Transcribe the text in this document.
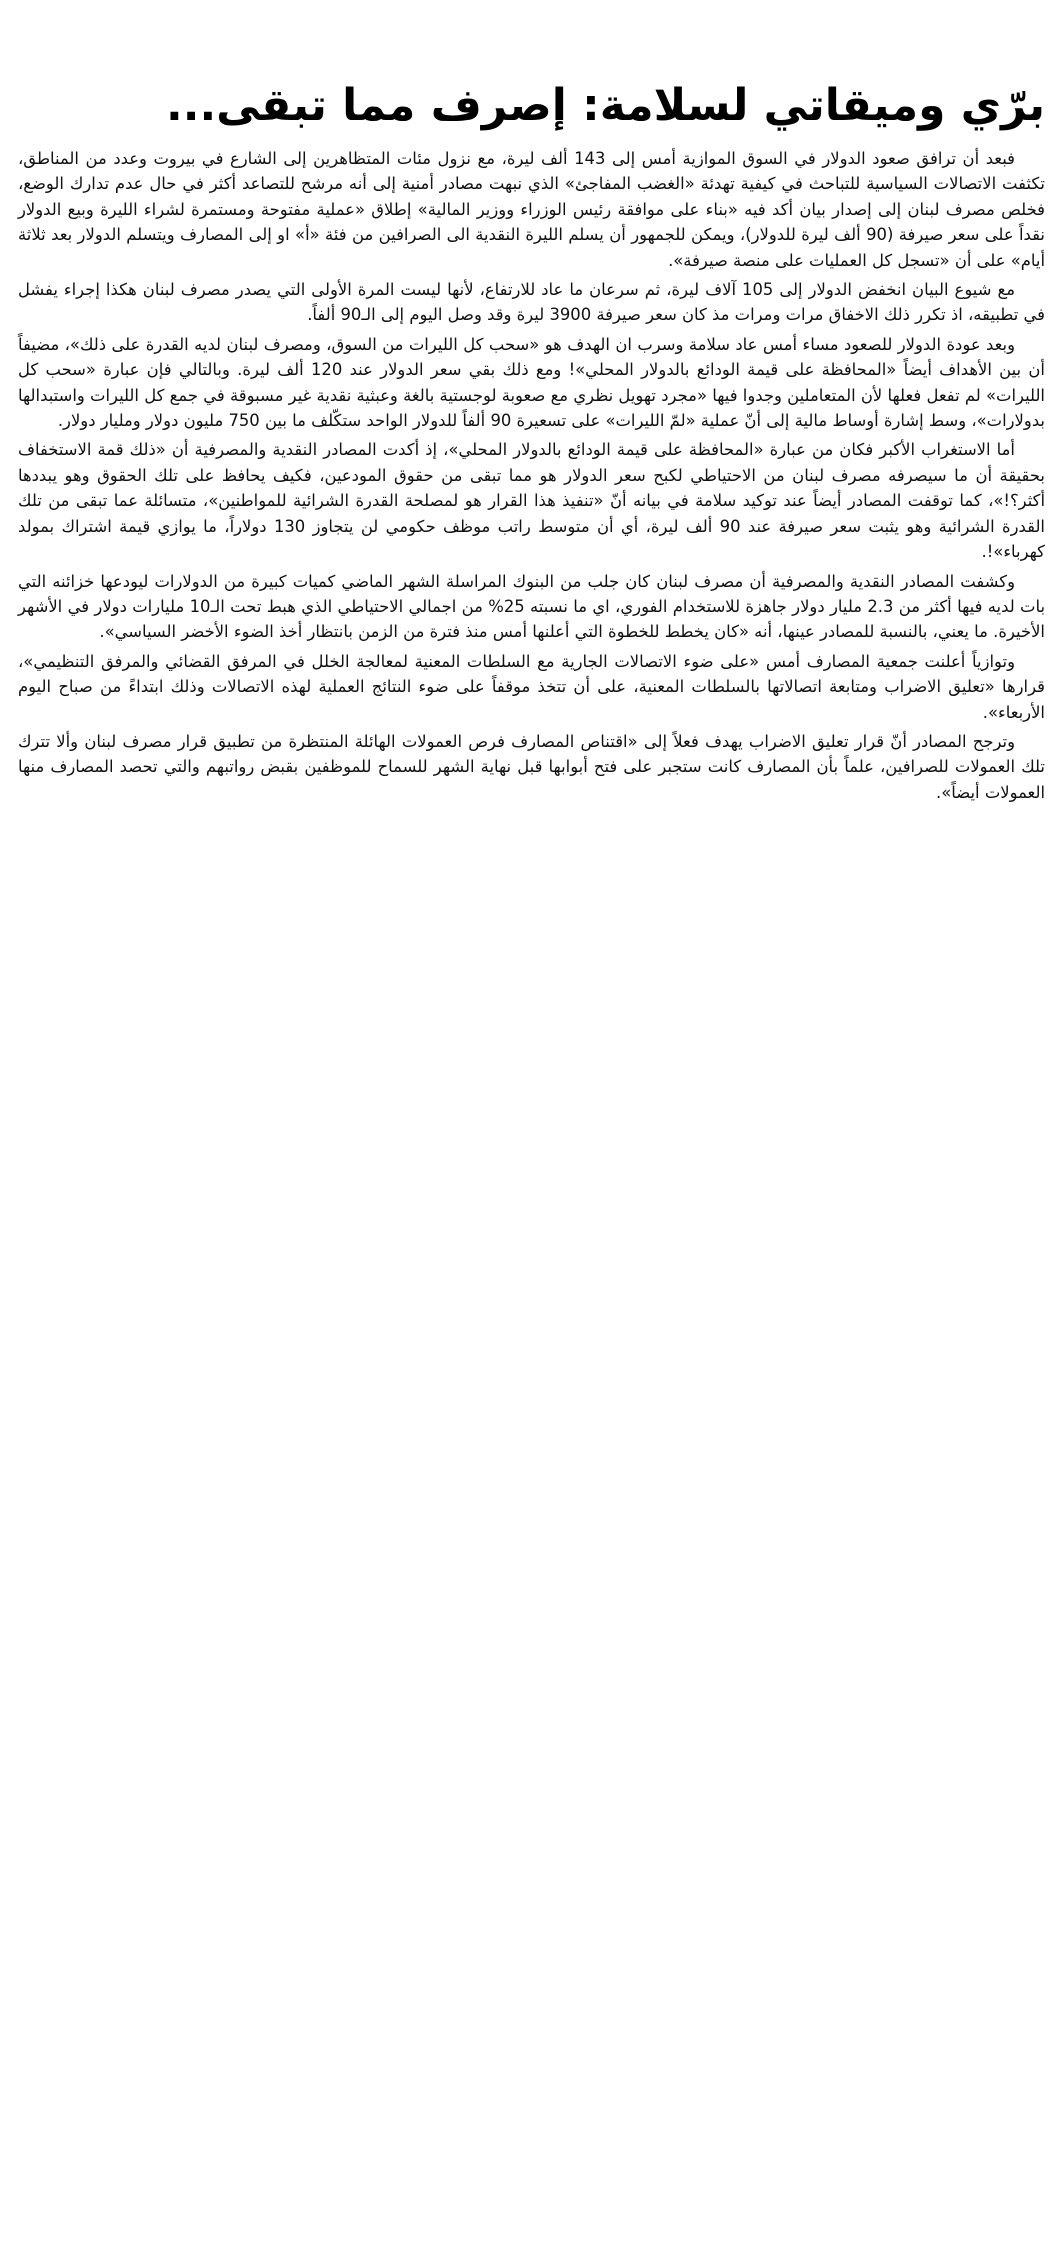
برّي وميقاتي لسلامة: إصرف مما تبقى...

فبعد أن ترافق صعود الدولار في السوق الموازية أمس إلى 143 ألف ليرة، مع نزول مئات المتظاهرين إلى الشارع في بيروت وعدد من المناطق، تكثفت الاتصالات السياسية للتباحث في كيفية تهدئة «الغضب المفاجئ» الذي نبهت مصادر أمنية إلى أنه مرشح للتصاعد أكثر في حال عدم تدارك الوضع، فخلص مصرف لبنان إلى إصدار بيان أكد فيه «بناء على موافقة رئيس الوزراء ووزير المالية» إطلاق «عملية مفتوحة ومستمرة لشراء الليرة وبيع الدولار نقداً على سعر صيرفة (90 ألف ليرة للدولار)، ويمكن للجمهور أن يسلم الليرة النقدية الى الصرافين من فئة «أ» او إلى المصارف ويتسلم الدولار بعد ثلاثة أيام» على أن «تسجل كل العمليات على منصة صيرفة».

مع شيوع البيان انخفض الدولار إلى 105 آلاف ليرة، ثم سرعان ما عاد للارتفاع، لأنها ليست المرة الأولى التي يصدر مصرف لبنان هكذا إجراء يفشل في تطبيقه، اذ تكرر ذلك الاخفاق مرات ومرات مذ كان سعر صيرفة 3900 ليرة وقد وصل اليوم إلى الـ90 ألفاً.

وبعد عودة الدولار للصعود مساء أمس عاد سلامة وسرب ان الهدف هو «سحب كل الليرات من السوق، ومصرف لبنان لديه القدرة على ذلك»، مضيفاً أن بين الأهداف أيضاً «المحافظة على قيمة الودائع بالدولار المحلي»! ومع ذلك بقي سعر الدولار عند 120 ألف ليرة. وبالتالي فإن عبارة «سحب كل الليرات» لم تفعل فعلها لأن المتعاملين وجدوا فيها «مجرد تهويل نظري مع صعوبة لوجستية بالغة وعبثية نقدية غير مسبوقة في جمع كل الليرات واستبدالها بدولارات»، وسط إشارة أوساط مالية إلى أنّ عملية «لمّ الليرات» على تسعيرة 90 ألفاً للدولار الواحد ستكّلف ما بين 750 مليون دولار ومليار دولار.

أما الاستغراب الأكبر فكان من عبارة «المحافظة على قيمة الودائع بالدولار المحلي»، إذ أكدت المصادر النقدية والمصرفية أن «ذلك قمة الاستخفاف بحقيقة أن ما سيصرفه مصرف لبنان من الاحتياطي لكبح سعر الدولار هو مما تبقى من حقوق المودعين، فكيف يحافظ على تلك الحقوق وهو يبددها أكثر؟!»، كما توقفت المصادر أيضاً عند توكيد سلامة في بيانه أنّ «تنفيذ هذا القرار هو لمصلحة القدرة الشرائية للمواطنين»، متسائلة عما تبقى من تلك القدرة الشرائية وهو يثبت سعر صيرفة عند 90 ألف ليرة، أي أن متوسط راتب موظف حكومي لن يتجاوز 130 دولاراً، ما يوازي قيمة اشتراك بمولد كهرباء»!.

وكشفت المصادر النقدية والمصرفية أن مصرف لبنان كان جلب من البنوك المراسلة الشهر الماضي كميات كبيرة من الدولارات ليودعها خزائنه التي بات لديه فيها أكثر من 2.3 مليار دولار جاهزة للاستخدام الفوري، اي ما نسبته 25% من اجمالي الاحتياطي الذي هبط تحت الـ10 مليارات دولار في الأشهر الأخيرة. ما يعني، بالنسبة للمصادر عينها، أنه «كان يخطط للخطوة التي أعلنها أمس منذ فترة من الزمن بانتظار أخذ الضوء الأخضر السياسي».

وتوازياً أعلنت جمعية المصارف أمس «على ضوء الاتصالات الجارية مع السلطات المعنية لمعالجة الخلل في المرفق القضائي والمرفق التنظيمي»، قرارها «تعليق الاضراب ومتابعة اتصالاتها بالسلطات المعنية، على أن تتخذ موقفاً على ضوء النتائج العملية لهذه الاتصالات وذلك ابتداءً من صباح اليوم الأربعاء».

وترجح المصادر أنّ قرار تعليق الاضراب يهدف فعلاً إلى «اقتناص المصارف فرص العمولات الهائلة المنتظرة من تطبيق قرار مصرف لبنان وألا تترك تلك العمولات للصرافين، علماً بأن المصارف كانت ستجبر على فتح أبوابها قبل نهاية الشهر للسماح للموظفين بقبض رواتبهم والتي تحصد المصارف منها العمولات أيضاً».
